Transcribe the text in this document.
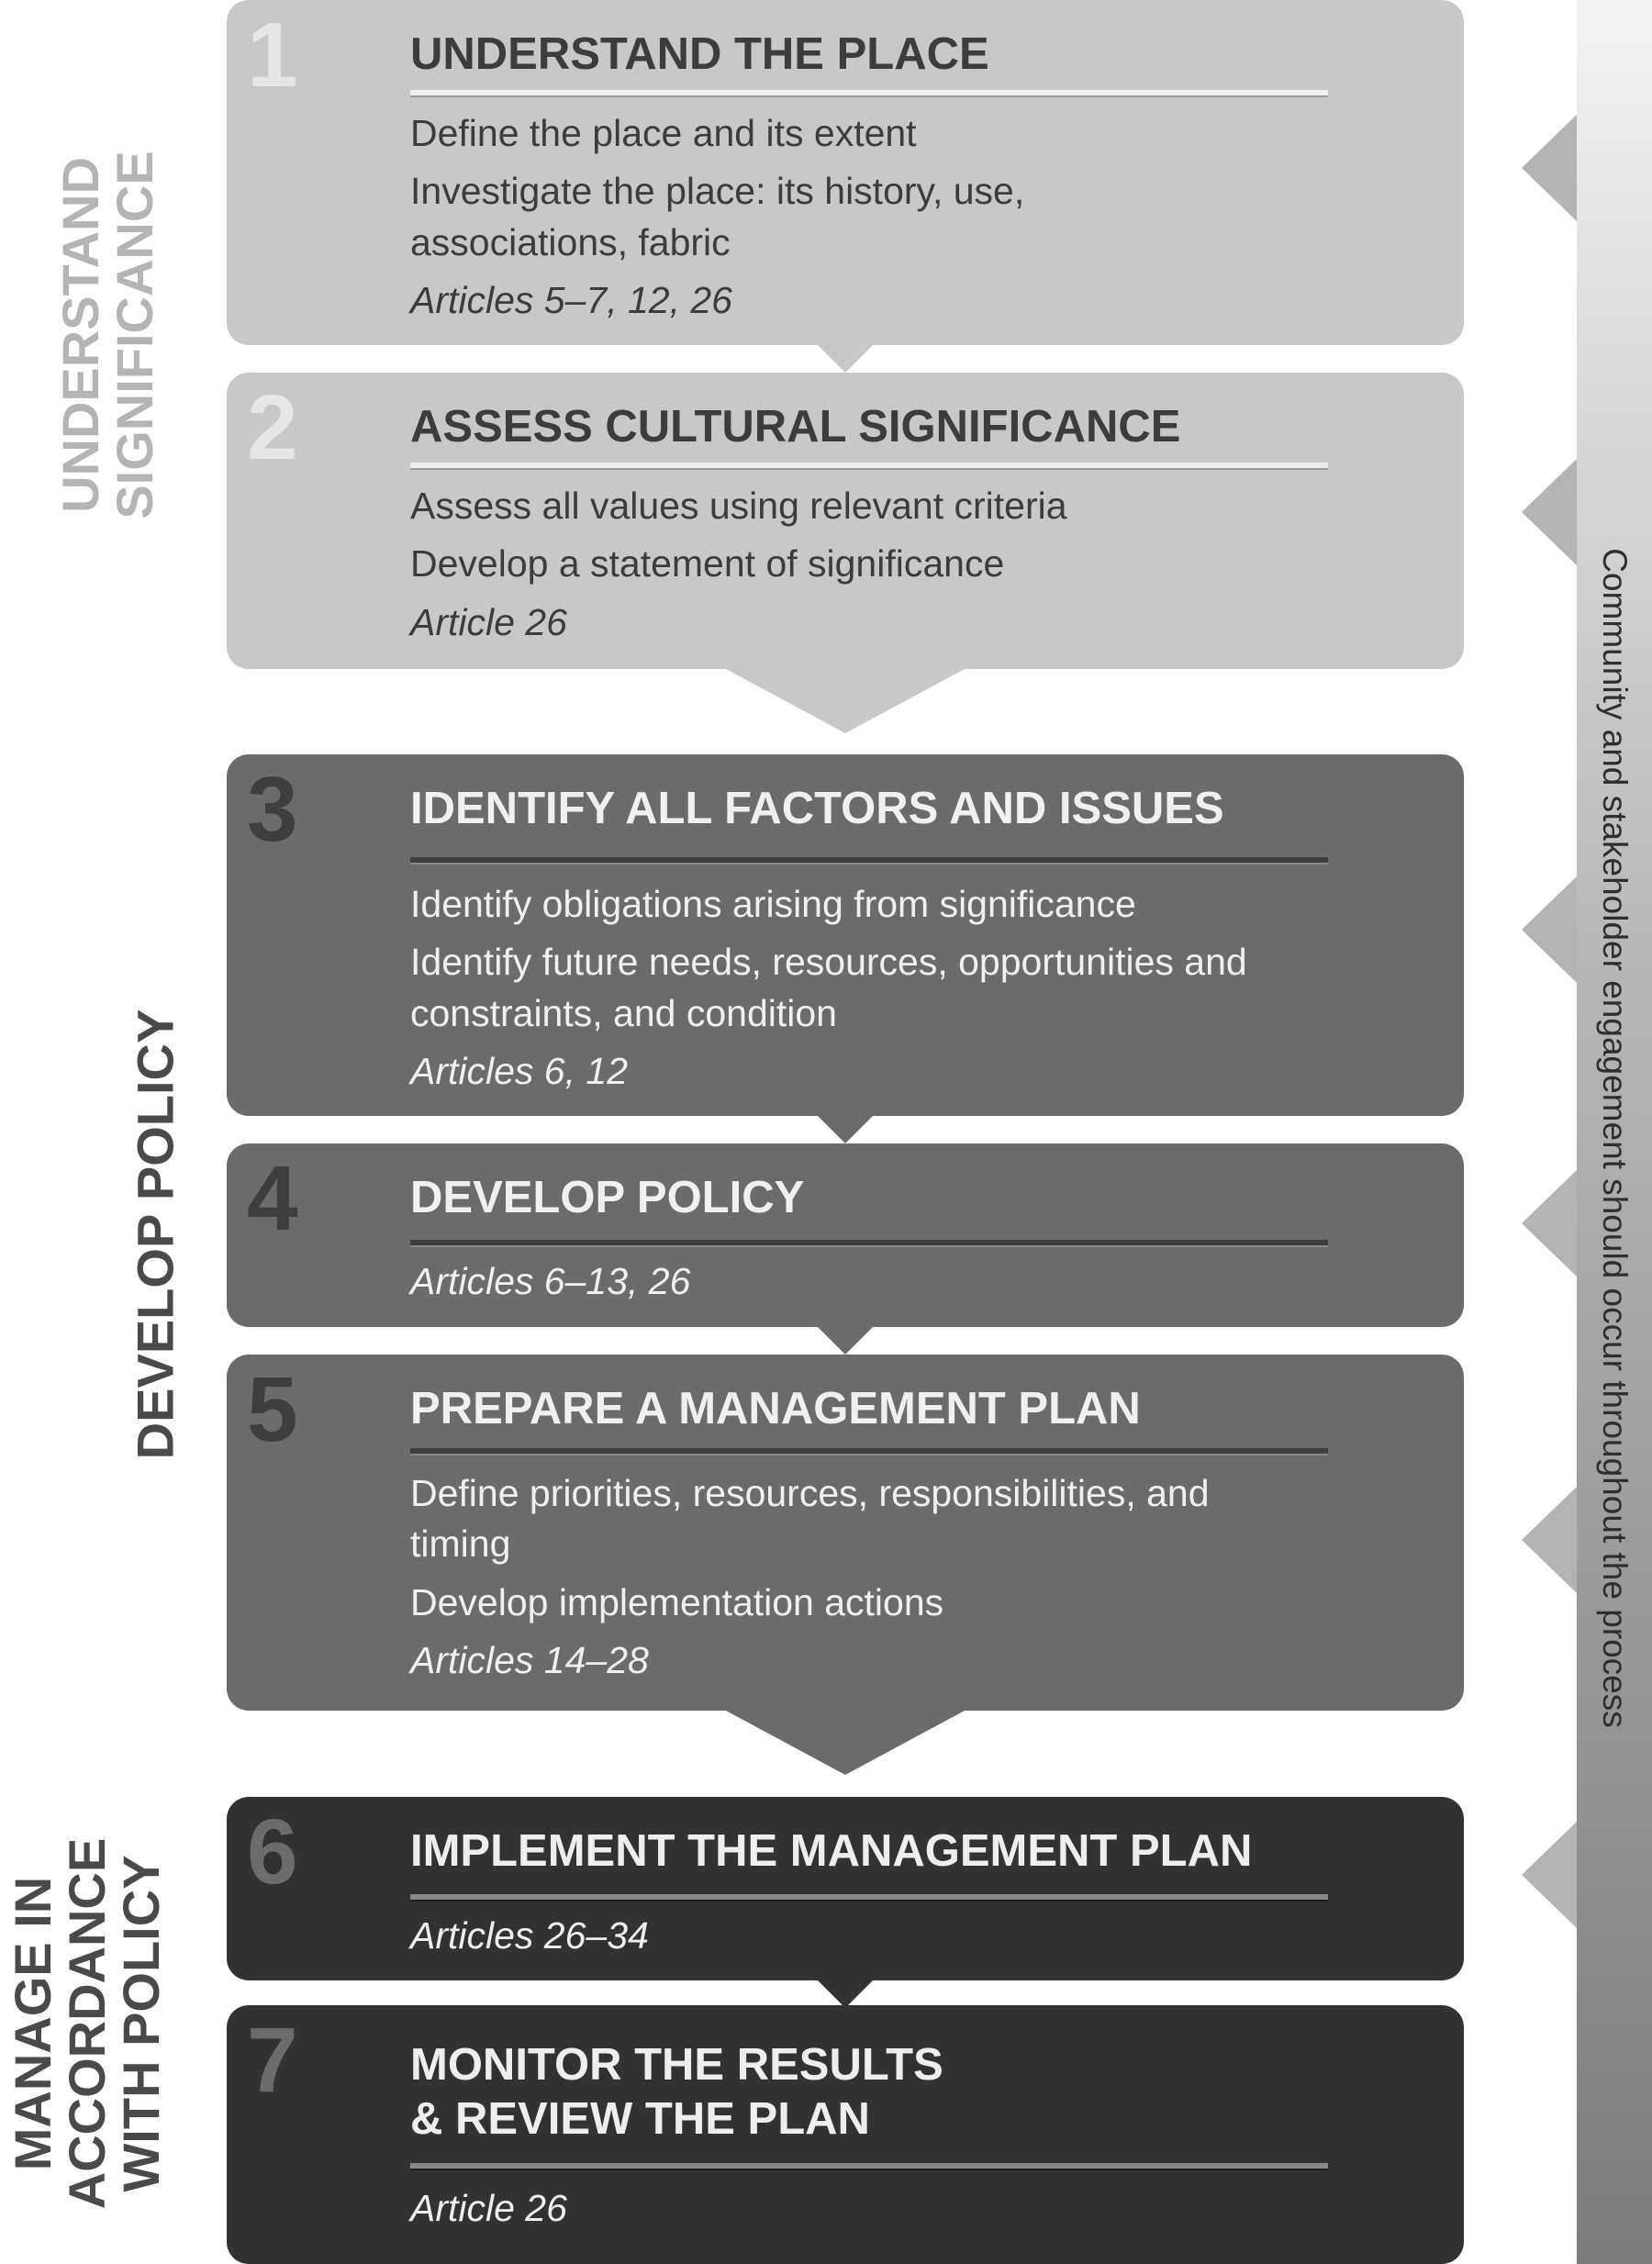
Community and stakeholder engagement should occur throughout the process
UNDERSTAND
SIGNIFICANCE
DEVELOP POLICY
MANAGE IN
ACCORDANCE
WITH POLICY
1 UNDERSTAND THE PLACE

Define the place and its extent

Investigate the place: its history, use, associations, fabric

Articles 5–7, 12, 26

2 ASSESS CULTURAL SIGNIFICANCE

Assess all values using relevant criteria

Develop a statement of significance

Article 26

3 IDENTIFY ALL FACTORS AND ISSUES

Identify obligations arising from significance

Identify future needs, resources, opportunities and constraints, and condition

Articles 6, 12

4 DEVELOP POLICY

Articles 6–13, 26

5 PREPARE A MANAGEMENT PLAN

Define priorities, resources, responsibilities, and timing

Develop implementation actions

Articles 14–28

6 IMPLEMENT THE MANAGEMENT PLAN

Articles 26–34

7 MONITOR THE RESULTS
& REVIEW THE PLAN

Article 26
